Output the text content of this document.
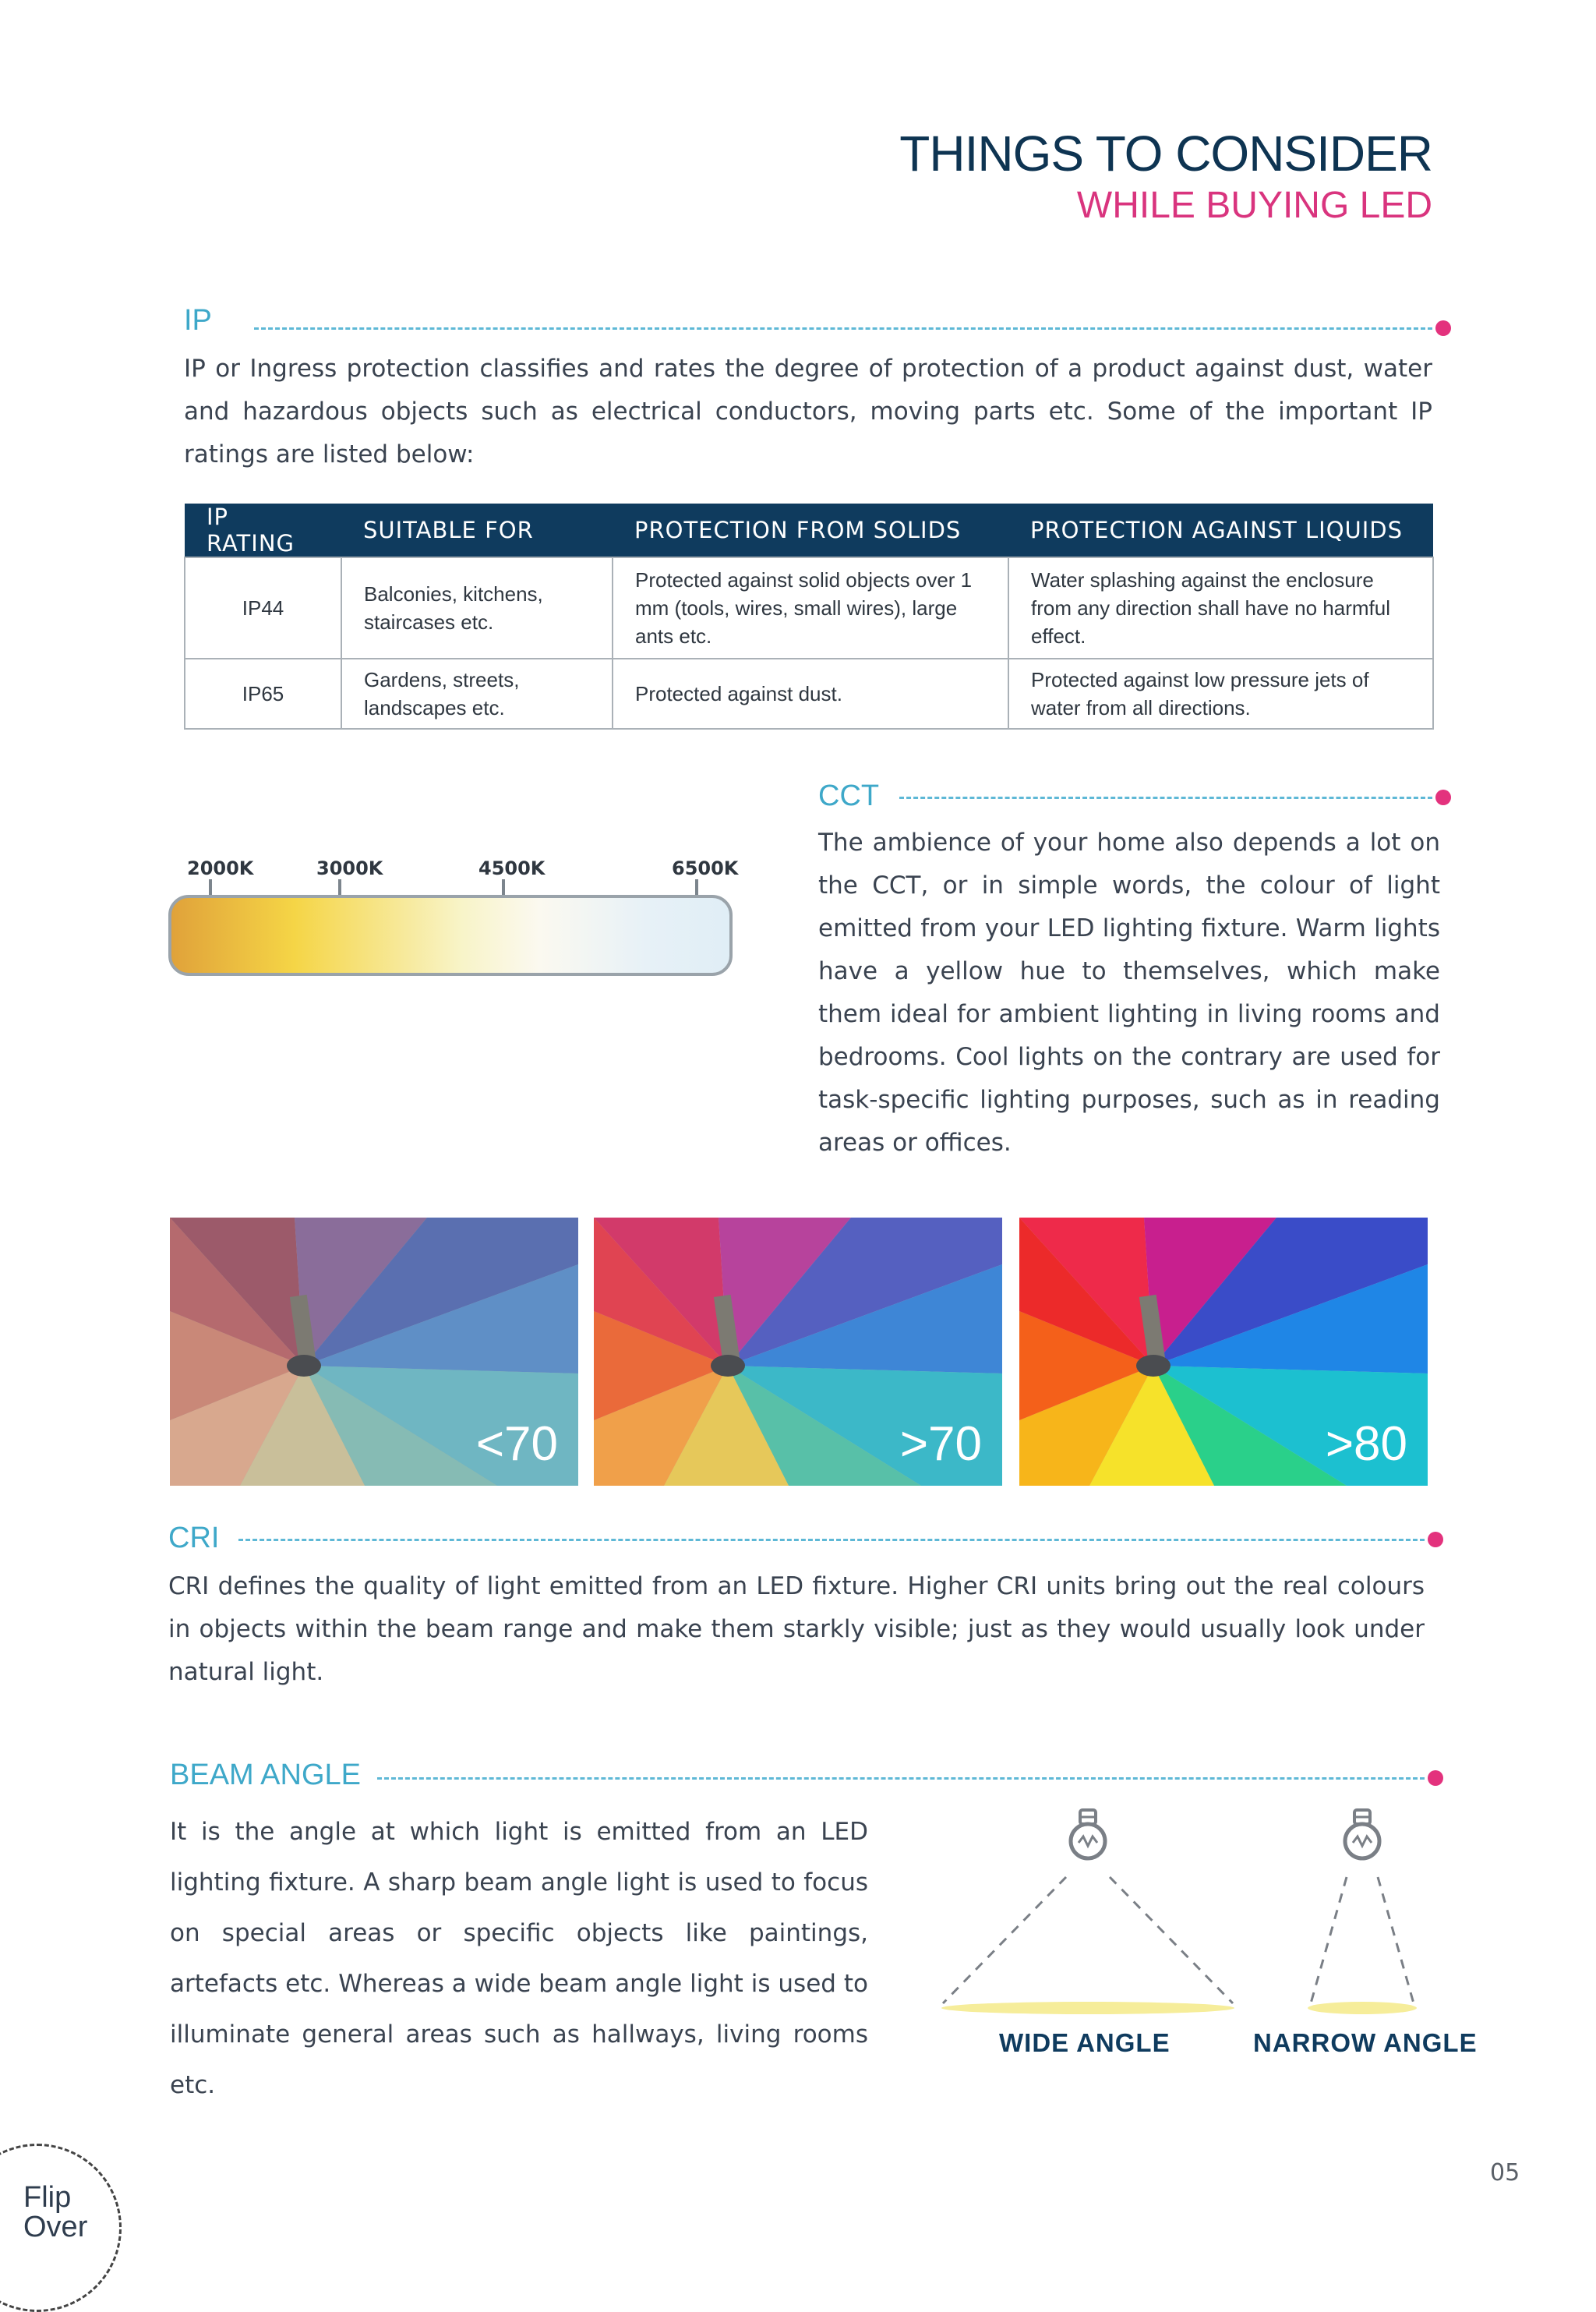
THINGS TO CONSIDER
WHILE BUYING LED
IP
IP or Ingress protection classifies and rates the degree of protection of a product against dust, water and hazardous objects such as electrical conductors, moving parts etc. Some of the important IP ratings are listed below:
IP RATING	SUITABLE FOR	PROTECTION FROM SOLIDS	PROTECTION AGAINST LIQUIDS
IP44	Balconies, kitchens, staircases etc.	Protected against solid objects over 1 mm (tools, wires, small wires), large ants etc.	Water splashing against the enclosure from any direction shall have no harmful effect.
IP65	Gardens, streets, landscapes etc.	Protected against dust.	Protected against low pressure jets of water from all directions.
2000K	3000K	4500K	6500K
CCT
The ambience of your home also depends a lot on the CCT, or in simple words, the colour of light emitted from your LED lighting fixture. Warm lights have a yellow hue to themselves, which make them ideal for ambient lighting in living rooms and bedrooms. Cool lights on the contrary are used for task-specific lighting purposes, such as in reading areas or offices.
<70	>70	>80
CRI
CRI defines the quality of light emitted from an LED fixture. Higher CRI units bring out the real colours in objects within the beam range and make them starkly visible; just as they would usually look under natural light.
BEAM ANGLE
It is the angle at which light is emitted from an LED lighting fixture. A sharp beam angle light is used to focus on special areas or specific objects like paintings, artefacts etc. Whereas a wide beam angle light is used to illuminate general areas such as hallways, living rooms etc.
WIDE ANGLE	NARROW ANGLE
05
Flip
Over
